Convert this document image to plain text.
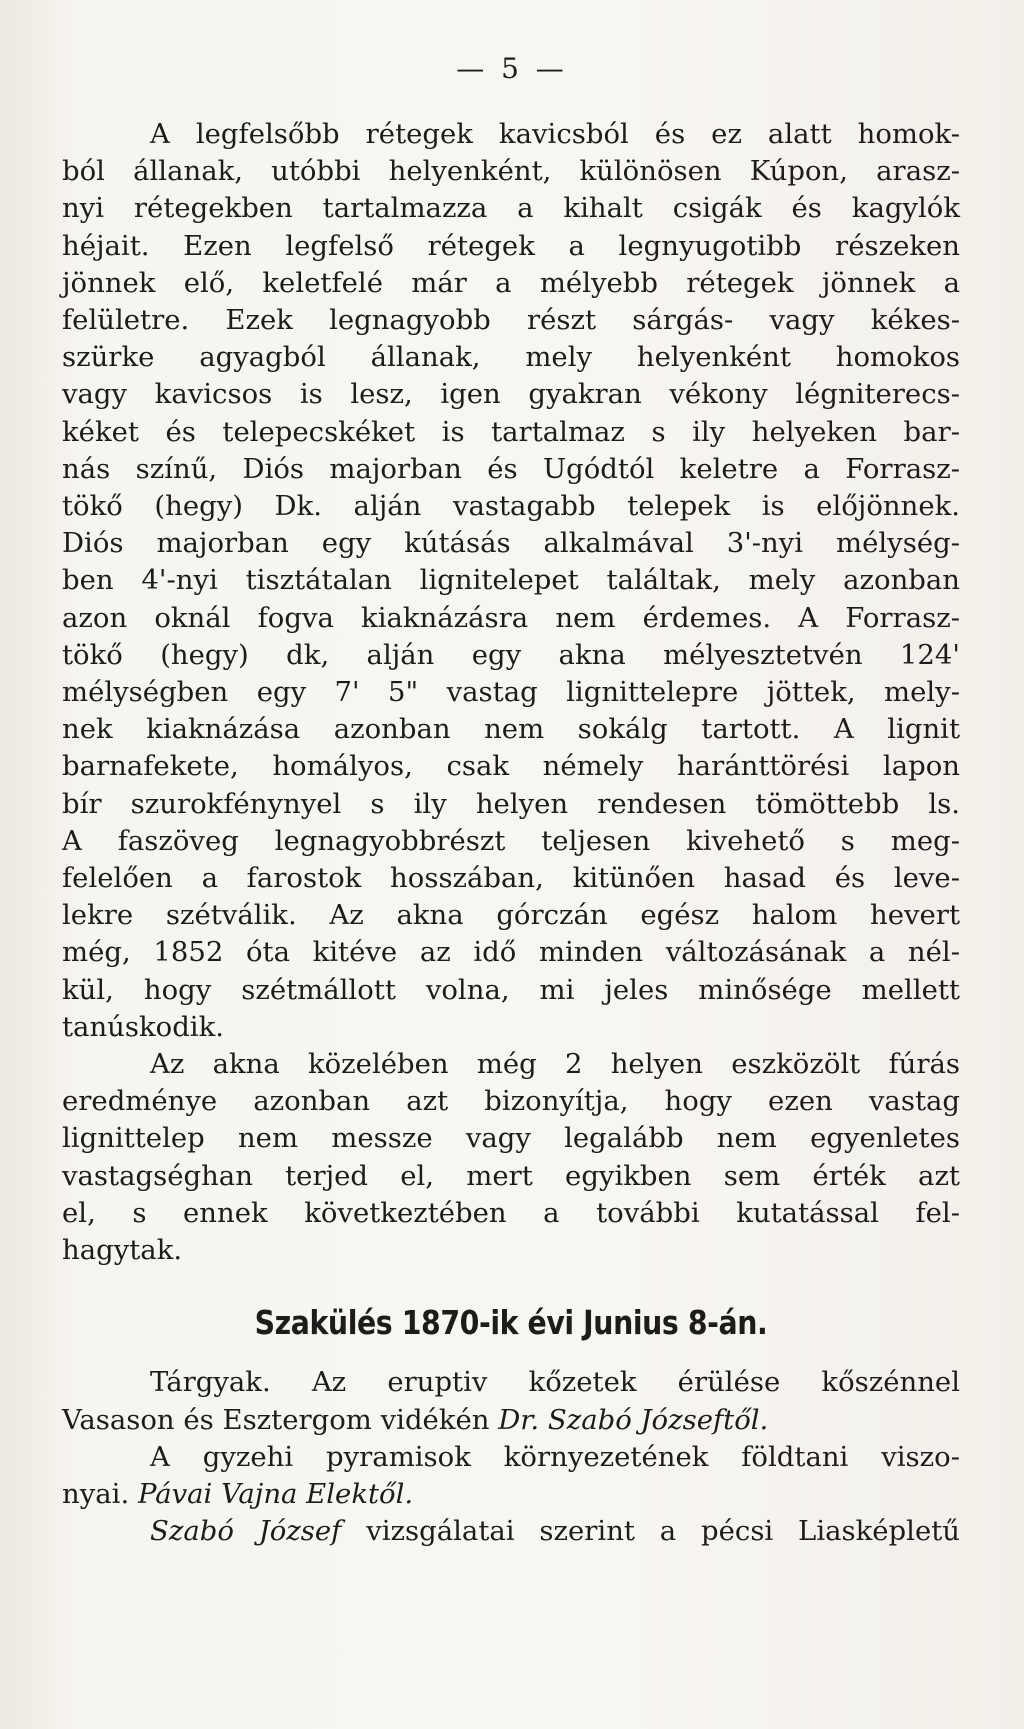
— 5 —

A legfelsőbb rétegek kavicsból és ez alatt homok-
ból állanak, utóbbi helyenként, különösen Kúpon, arasz-
nyi rétegekben tartalmazza a kihalt csigák és kagylók
héjait. Ezen legfelső rétegek a legnyugotibb részeken
jönnek elő, keletfelé már a mélyebb rétegek jönnek a
felületre. Ezek legnagyobb részt sárgás- vagy kékes-
szürke agyagból állanak, mely helyenként homokos
vagy kavicsos is lesz, igen gyakran vékony légniterecs-
kéket és telepecskéket is tartalmaz s ily helyeken bar-
nás színű, Diós majorban és Ugódtól keletre a Forrasz-
tökő (hegy) Dk. alján vastagabb telepek is előjönnek.
Diós majorban egy kútásás alkalmával 3'-nyi mélység-
ben 4'-nyi tisztátalan lignitelepet találtak, mely azonban
azon oknál fogva kiaknázásra nem érdemes. A Forrasz-
tökő (hegy) dk, alján egy akna mélyesztetvén 124'
mélységben egy 7' 5" vastag lignittelepre jöttek, mely-
nek kiaknázása azonban nem sokálg tartott. A lignit
barnafekete, homályos, csak némely haránttörési lapon
bír szurokfénynyel s ily helyen rendesen tömöttebb ls.
A faszöveg legnagyobbrészt teljesen kivehető s meg-
felelően a farostok hosszában, kitünően hasad és leve-
lekre szétválik. Az akna górczán egész halom hevert
még, 1852 óta kitéve az idő minden változásának a nél-
kül, hogy szétmállott volna, mi jeles minősége mellett
tanúskodik.

Az akna közelében még 2 helyen eszközölt fúrás
eredménye azonban azt bizonyítja, hogy ezen vastag
lignittelep nem messze vagy legalább nem egyenletes
vastagséghan terjed el, mert egyikben sem érték azt
el, s ennek következtében a további kutatással fel-
hagytak.

Szakülés 1870-ik évi Junius 8-án.

Tárgyak. Az eruptiv kőzetek érülése kőszénnel
Vasason és Esztergom vidékén Dr. Szabó Józseftől.

A gyzehi pyramisok környezetének földtani viszo-
nyai. Pávai Vajna Elektől.

Szabó József vizsgálatai szerint a pécsi Liasképletű
